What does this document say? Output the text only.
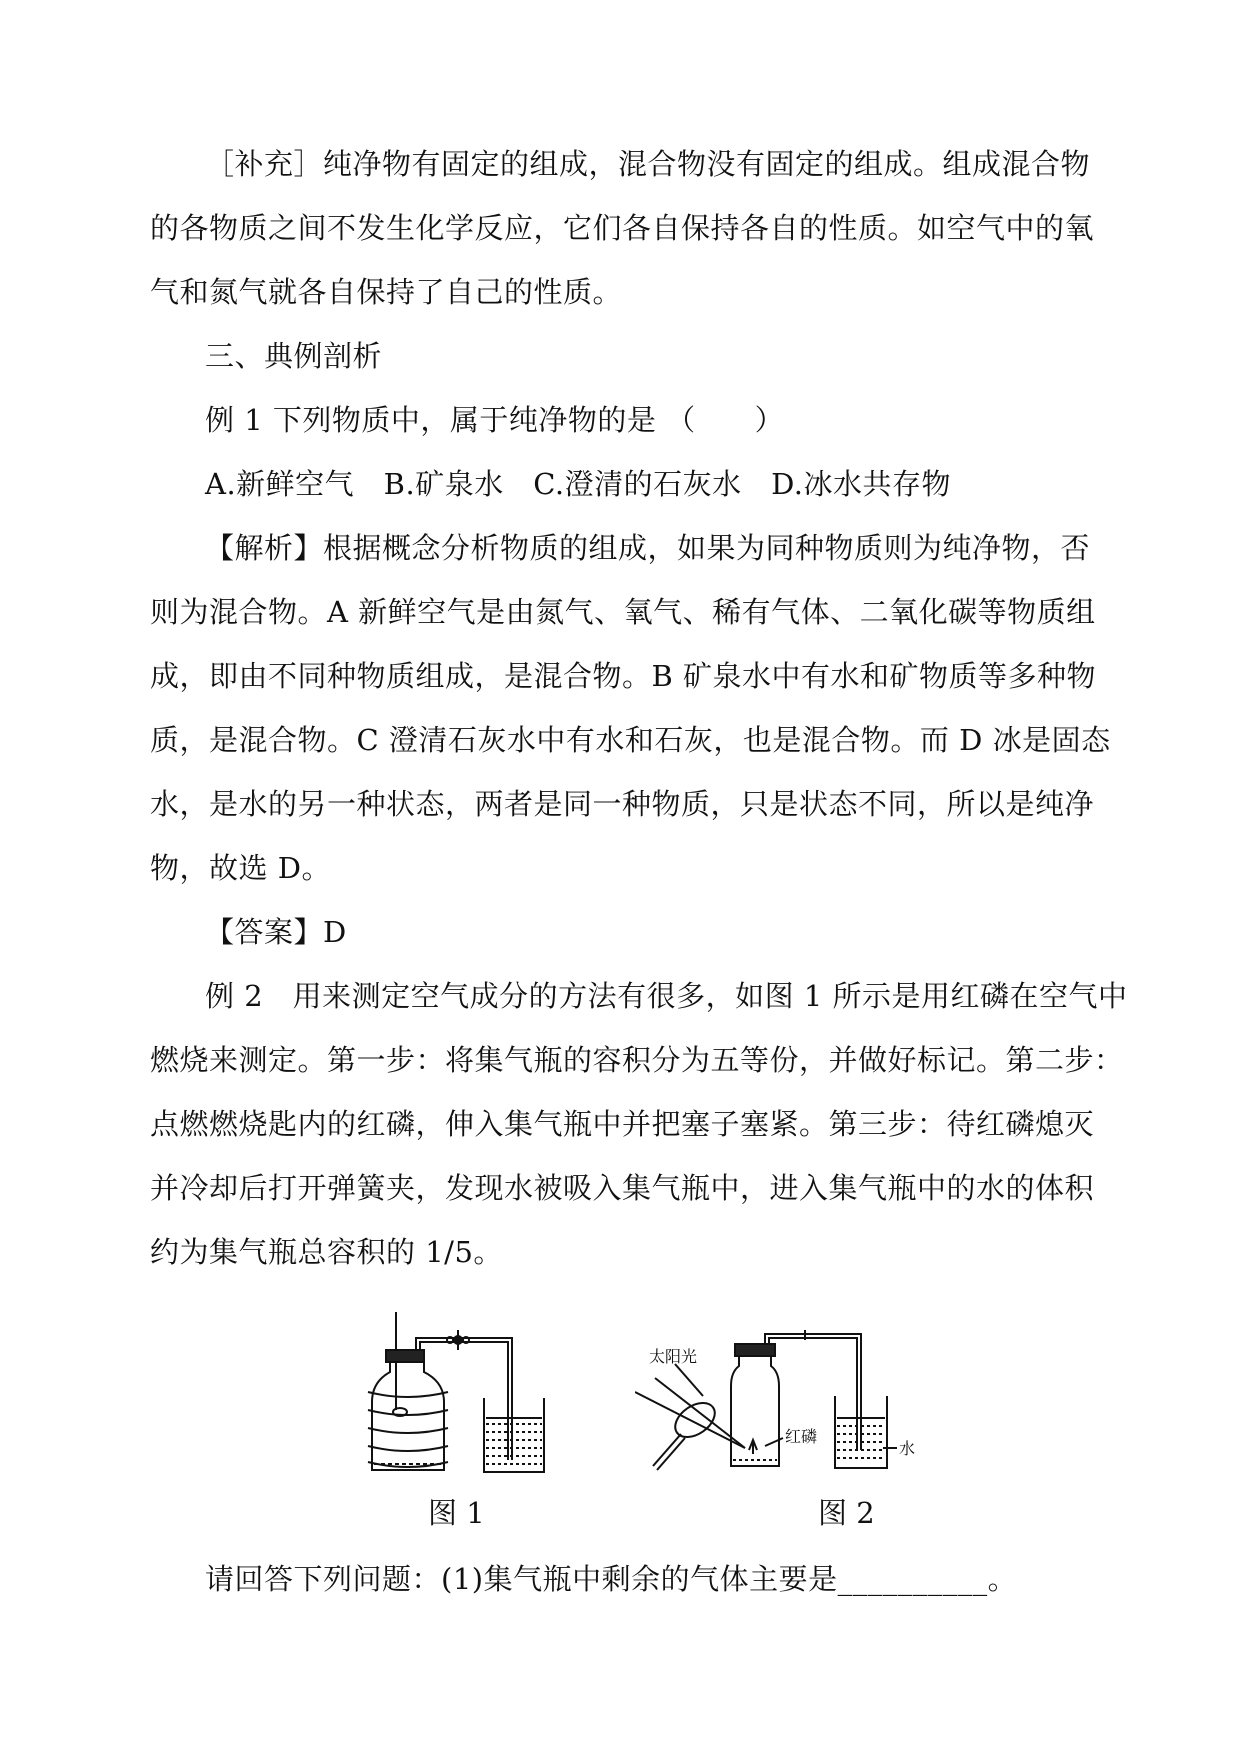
［补充］纯净物有固定的组成，混合物没有固定的组成。组成混合物
的各物质之间不发生化学反应，它们各自保持各自的性质。如空气中的氧
气和氮气就各自保持了自己的性质。
三、典例剖析
例 1 下列物质中，属于纯净物的是 （　　）
A.新鲜空气　B.矿泉水　C.澄清的石灰水　D.冰水共存物
【解析】根据概念分析物质的组成，如果为同种物质则为纯净物，否
则为混合物。A 新鲜空气是由氮气、氧气、稀有气体、二氧化碳等物质组
成，即由不同种物质组成，是混合物。B 矿泉水中有水和矿物质等多种物
质，是混合物。C 澄清石灰水中有水和石灰，也是混合物。而 D 冰是固态
水，是水的另一种状态，两者是同一种物质，只是状态不同，所以是纯净
物，故选 D。
【答案】D
例 2　用来测定空气成分的方法有很多，如图 1 所示是用红磷在空气中
燃烧来测定。第一步：将集气瓶的容积分为五等份，并做好标记。第二步：
点燃燃烧匙内的红磷，伸入集气瓶中并把塞子塞紧。第三步：待红磷熄灭
并冷却后打开弹簧夹，发现水被吸入集气瓶中，进入集气瓶中的水的体积
约为集气瓶总容积的 1/5。
图 1
太阳光
红磷
水
图 2
请回答下列问题：(1)集气瓶中剩余的气体主要是__________。
